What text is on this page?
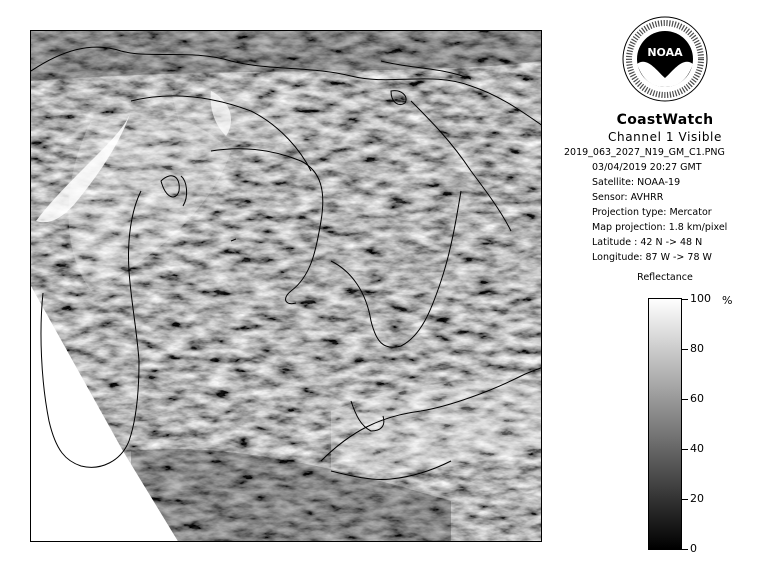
NOAA
CoastWatch
Channel 1 Visible
2019_063_2027_N19_GM_C1.PNG
03/04/2019 20:27 GMT
Satellite: NOAA-19
Sensor: AVHRR
Projection type: Mercator
Map projection: 1.8 km/pixel
Latitude : 42 N -> 48 N
Longitude: 87 W -> 78 W
Reflectance
%
100
80
60
40
20
0
